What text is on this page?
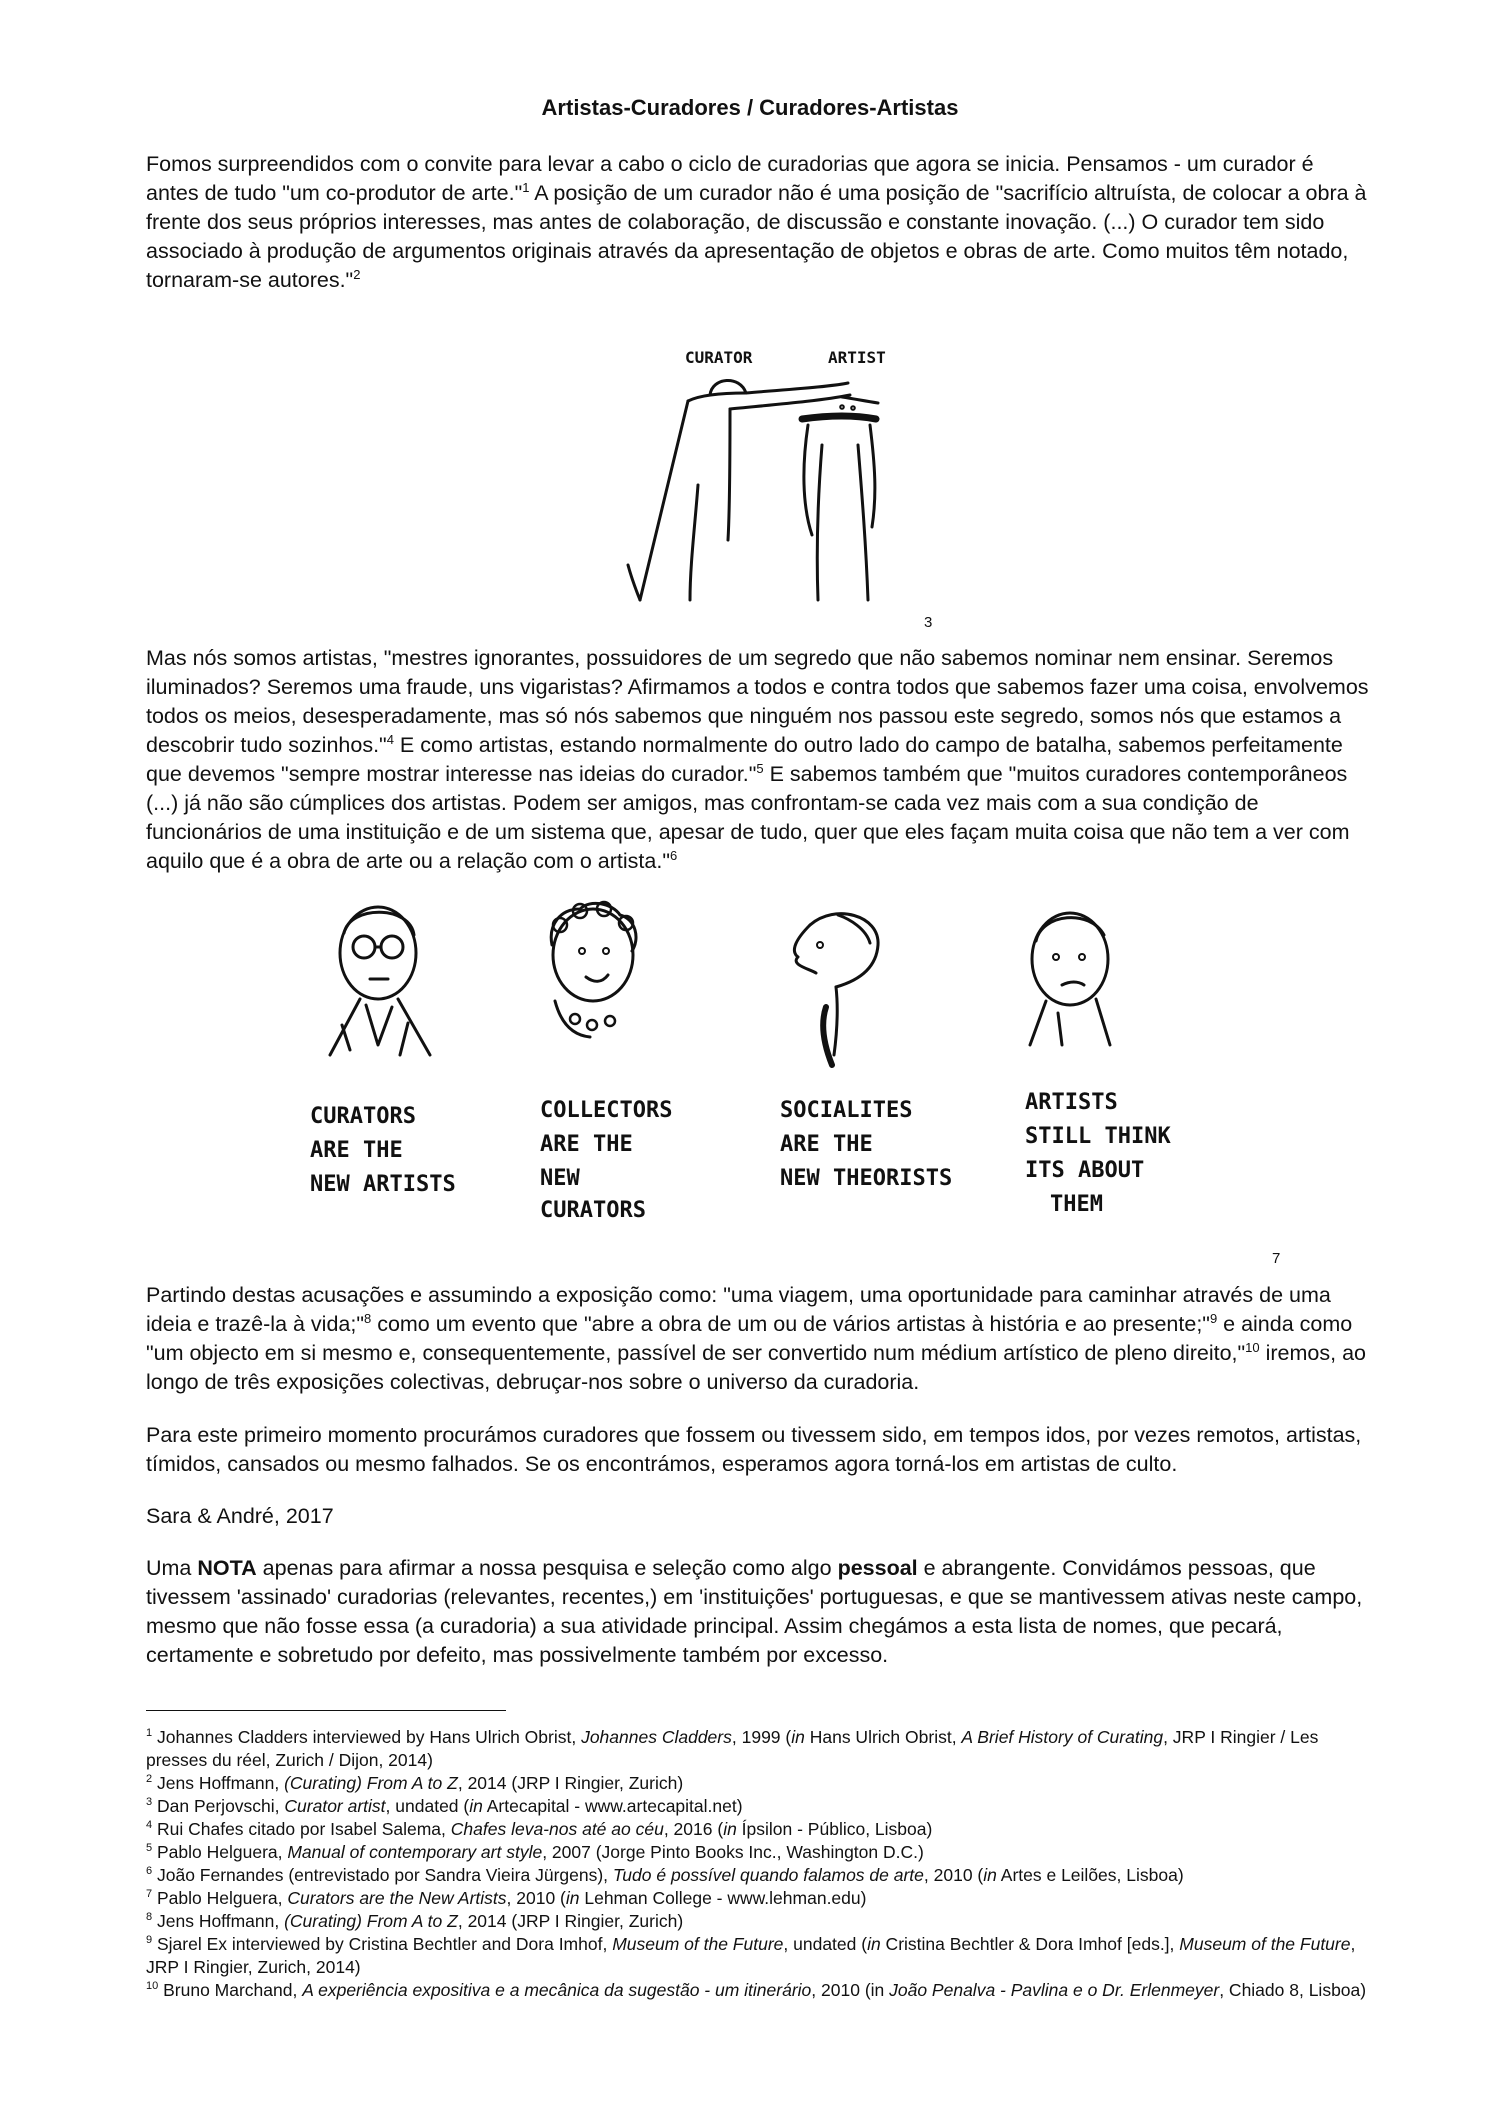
Artistas-Curadores / Curadores-Artistas

Fomos surpreendidos com o convite para levar a cabo o ciclo de curadorias que agora se inicia. Pensamos - um curador é antes de tudo "um co-produtor de arte."$^1$ A posição de um curador não é uma posição de "sacrifício altruísta, de colocar a obra à frente dos seus próprios interesses, mas antes de colaboração, de discussão e constante inovação. (...) O curador tem sido associado à produção de argumentos originais através da apresentação de objetos e obras de arte. Como muitos têm notado, tornaram-se autores."$^2$

CURATOR	ARTIST
3

Mas nós somos artistas, "mestres ignorantes, possuidores de um segredo que não sabemos nominar nem ensinar. Seremos iluminados? Seremos uma fraude, uns vigaristas? Afirmamos a todos e contra todos que sabemos fazer uma coisa, envolvemos todos os meios, desesperadamente, mas só nós sabemos que ninguém nos passou este segredo, somos nós que estamos a descobrir tudo sozinhos."$^4$ E como artistas, estando normalmente do outro lado do campo de batalha, sabemos perfeitamente que devemos "sempre mostrar interesse nas ideias do curador."$^5$ E sabemos também que "muitos curadores contemporâneos (...) já não são cúmplices dos artistas. Podem ser amigos, mas confrontam-se cada vez mais com a sua condição de funcionários de uma instituição e de um sistema que, apesar de tudo, quer que eles façam muita coisa que não tem a ver com aquilo que é a obra de arte ou a relação com o artista."$^6$

CURATORS ARE THE NEW ARTISTS
COLLECTORS ARE THE NEW CURATORS
SOCIALITES ARE THE NEW THEORISTS
ARTISTS STILL THINK ITS ABOUT THEM
7

Partindo destas acusações e assumindo a exposição como: "uma viagem, uma oportunidade para caminhar através de uma ideia e trazê-la à vida;"$^8$ como um evento que "abre a obra de um ou de vários artistas à história e ao presente;"$^9$ e ainda como "um objecto em si mesmo e, consequentemente, passível de ser convertido num médium artístico de pleno direito,"$^{10}$ iremos, ao longo de três exposições colectivas, debruçar-nos sobre o universo da curadoria.

Para este primeiro momento procurámos curadores que fossem ou tivessem sido, em tempos idos, por vezes remotos, artistas, tímidos, cansados ou mesmo falhados. Se os encontrámos, esperamos agora torná-los em artistas de culto.

Sara & André, 2017

Uma NOTA apenas para afirmar a nossa pesquisa e seleção como algo pessoal e abrangente. Convidámos pessoas, que tivessem 'assinado' curadorias (relevantes, recentes,) em 'instituições' portuguesas, e que se mantivessem ativas neste campo, mesmo que não fosse essa (a curadoria) a sua atividade principal. Assim chegámos a esta lista de nomes, que pecará, certamente e sobretudo por defeito, mas possivelmente também por excesso.

$^1$ Johannes Cladders interviewed by Hans Ulrich Obrist, Johannes Cladders, 1999 (in Hans Ulrich Obrist, A Brief History of Curating, JRP I Ringier / Les presses du réel, Zurich / Dijon, 2014)

$^2$ Jens Hoffmann, (Curating) From A to Z, 2014 (JRP I Ringier, Zurich)

$^3$ Dan Perjovschi, Curator artist, undated (in Artecapital - www.artecapital.net)

$^4$ Rui Chafes citado por Isabel Salema, Chafes leva-nos até ao céu, 2016 (in Ípsilon - Público, Lisboa)

$^5$ Pablo Helguera, Manual of contemporary art style, 2007 (Jorge Pinto Books Inc., Washington D.C.)

$^6$ João Fernandes (entrevistado por Sandra Vieira Jürgens), Tudo é possível quando falamos de arte, 2010 (in Artes e Leilões, Lisboa)

$^7$ Pablo Helguera, Curators are the New Artists, 2010 (in Lehman College - www.lehman.edu)

$^8$ Jens Hoffmann, (Curating) From A to Z, 2014 (JRP I Ringier, Zurich)

$^9$ Sjarel Ex interviewed by Cristina Bechtler and Dora Imhof, Museum of the Future, undated (in Cristina Bechtler & Dora Imhof [eds.], Museum of the Future, JRP I Ringier, Zurich, 2014)

$^{10}$ Bruno Marchand, A experiência expositiva e a mecânica da sugestão - um itinerário, 2010 (in João Penalva - Pavlina e o Dr. Erlenmeyer, Chiado 8, Lisboa)
